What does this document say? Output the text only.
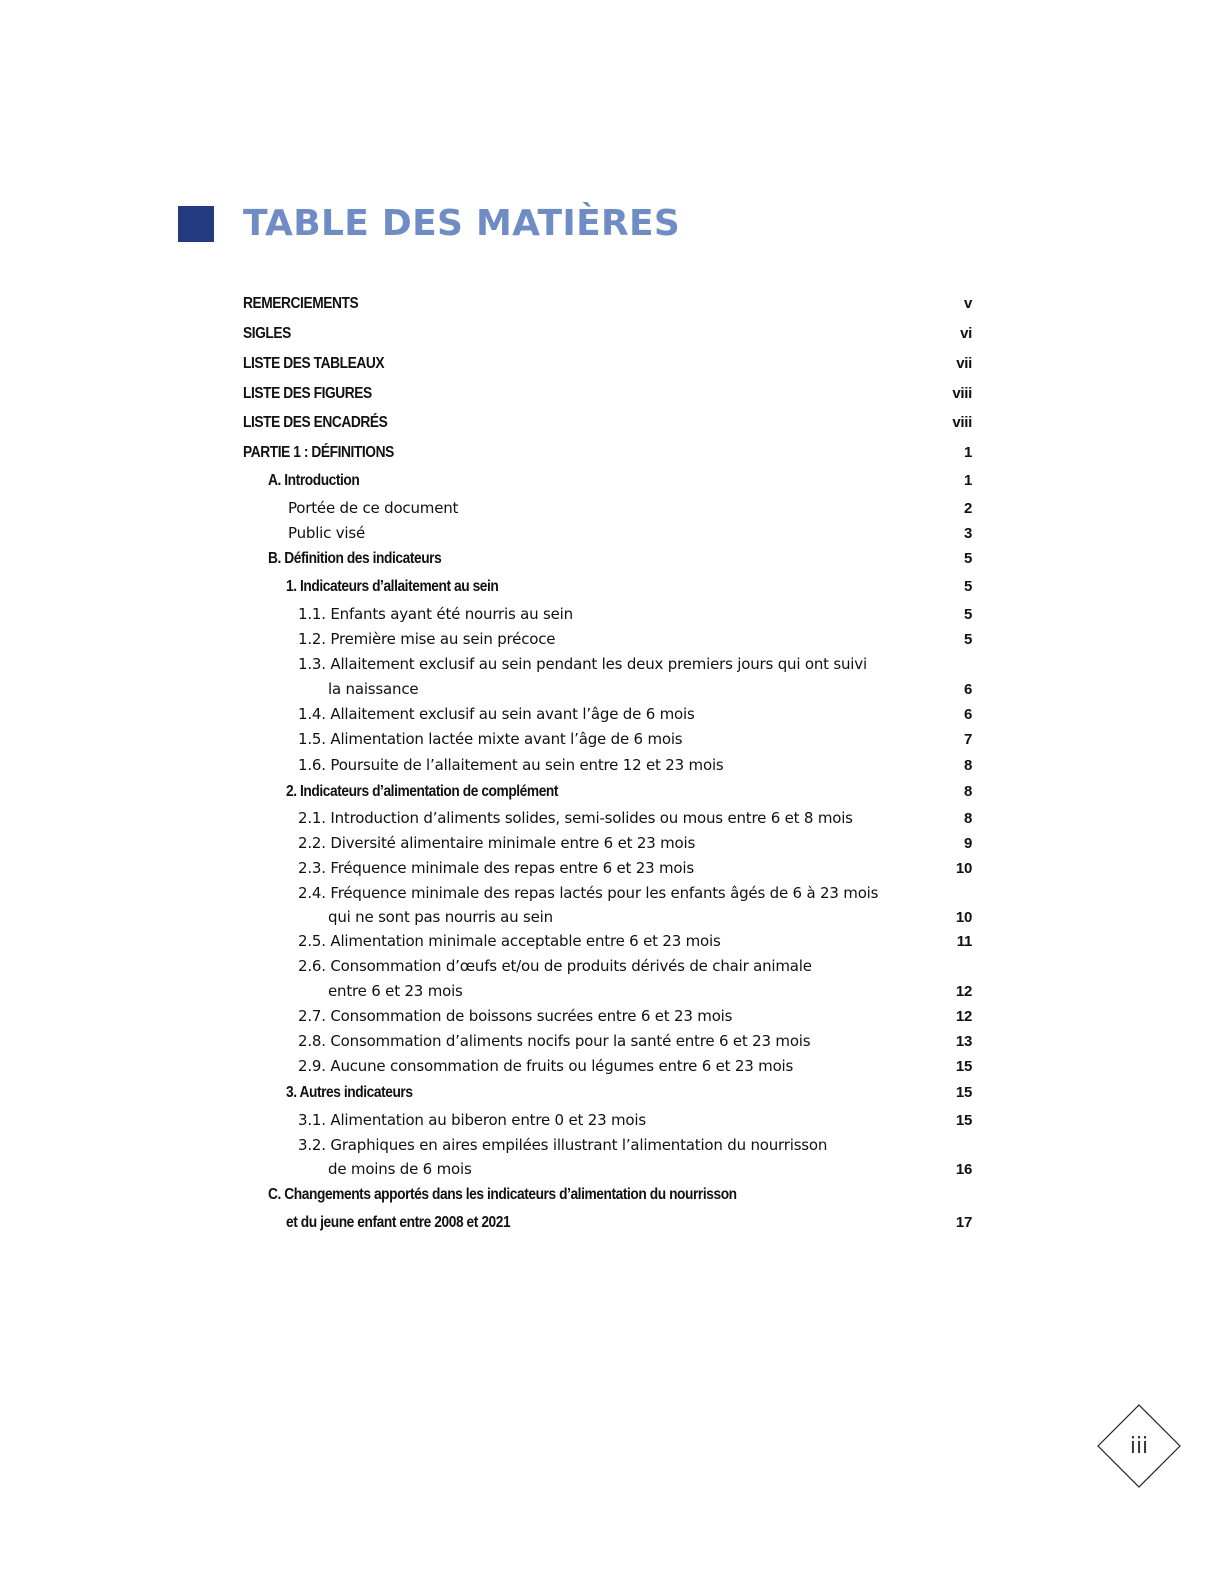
TABLE DES MATIÈRES
REMERCIEMENTS	v
SIGLES	vi
LISTE DES TABLEAUX	vii
LISTE DES FIGURES	viii
LISTE DES ENCADRÉS	viii
PARTIE 1 : DÉFINITIONS	1
A. Introduction	1
Portée de ce document	2
Public visé	3
B. Définition des indicateurs	5
1. Indicateurs d’allaitement au sein	5
1.1. Enfants ayant été nourris au sein	5
1.2. Première mise au sein précoce	5
1.3. Allaitement exclusif au sein pendant les deux premiers jours qui ont suivi
la naissance	6
1.4. Allaitement exclusif au sein avant l’âge de 6 mois	6
1.5. Alimentation lactée mixte avant l’âge de 6 mois	7
1.6. Poursuite de l’allaitement au sein entre 12 et 23 mois	8
2. Indicateurs d’alimentation de complément	8
2.1. Introduction d’aliments solides, semi-solides ou mous entre 6 et 8 mois	8
2.2. Diversité alimentaire minimale entre 6 et 23 mois	9
2.3. Fréquence minimale des repas entre 6 et 23 mois	10
2.4. Fréquence minimale des repas lactés pour les enfants âgés de 6 à 23 mois
qui ne sont pas nourris au sein	10
2.5. Alimentation minimale acceptable entre 6 et 23 mois	11
2.6. Consommation d’œufs et/ou de produits dérivés de chair animale
entre 6 et 23 mois	12
2.7. Consommation de boissons sucrées entre 6 et 23 mois	12
2.8. Consommation d’aliments nocifs pour la santé entre 6 et 23 mois	13
2.9. Aucune consommation de fruits ou légumes entre 6 et 23 mois	15
3. Autres indicateurs	15
3.1. Alimentation au biberon entre 0 et 23 mois	15
3.2. Graphiques en aires empilées illustrant l’alimentation du nourrisson
de moins de 6 mois	16
C. Changements apportés dans les indicateurs d’alimentation du nourrisson
et du jeune enfant entre 2008 et 2021	17
iii
